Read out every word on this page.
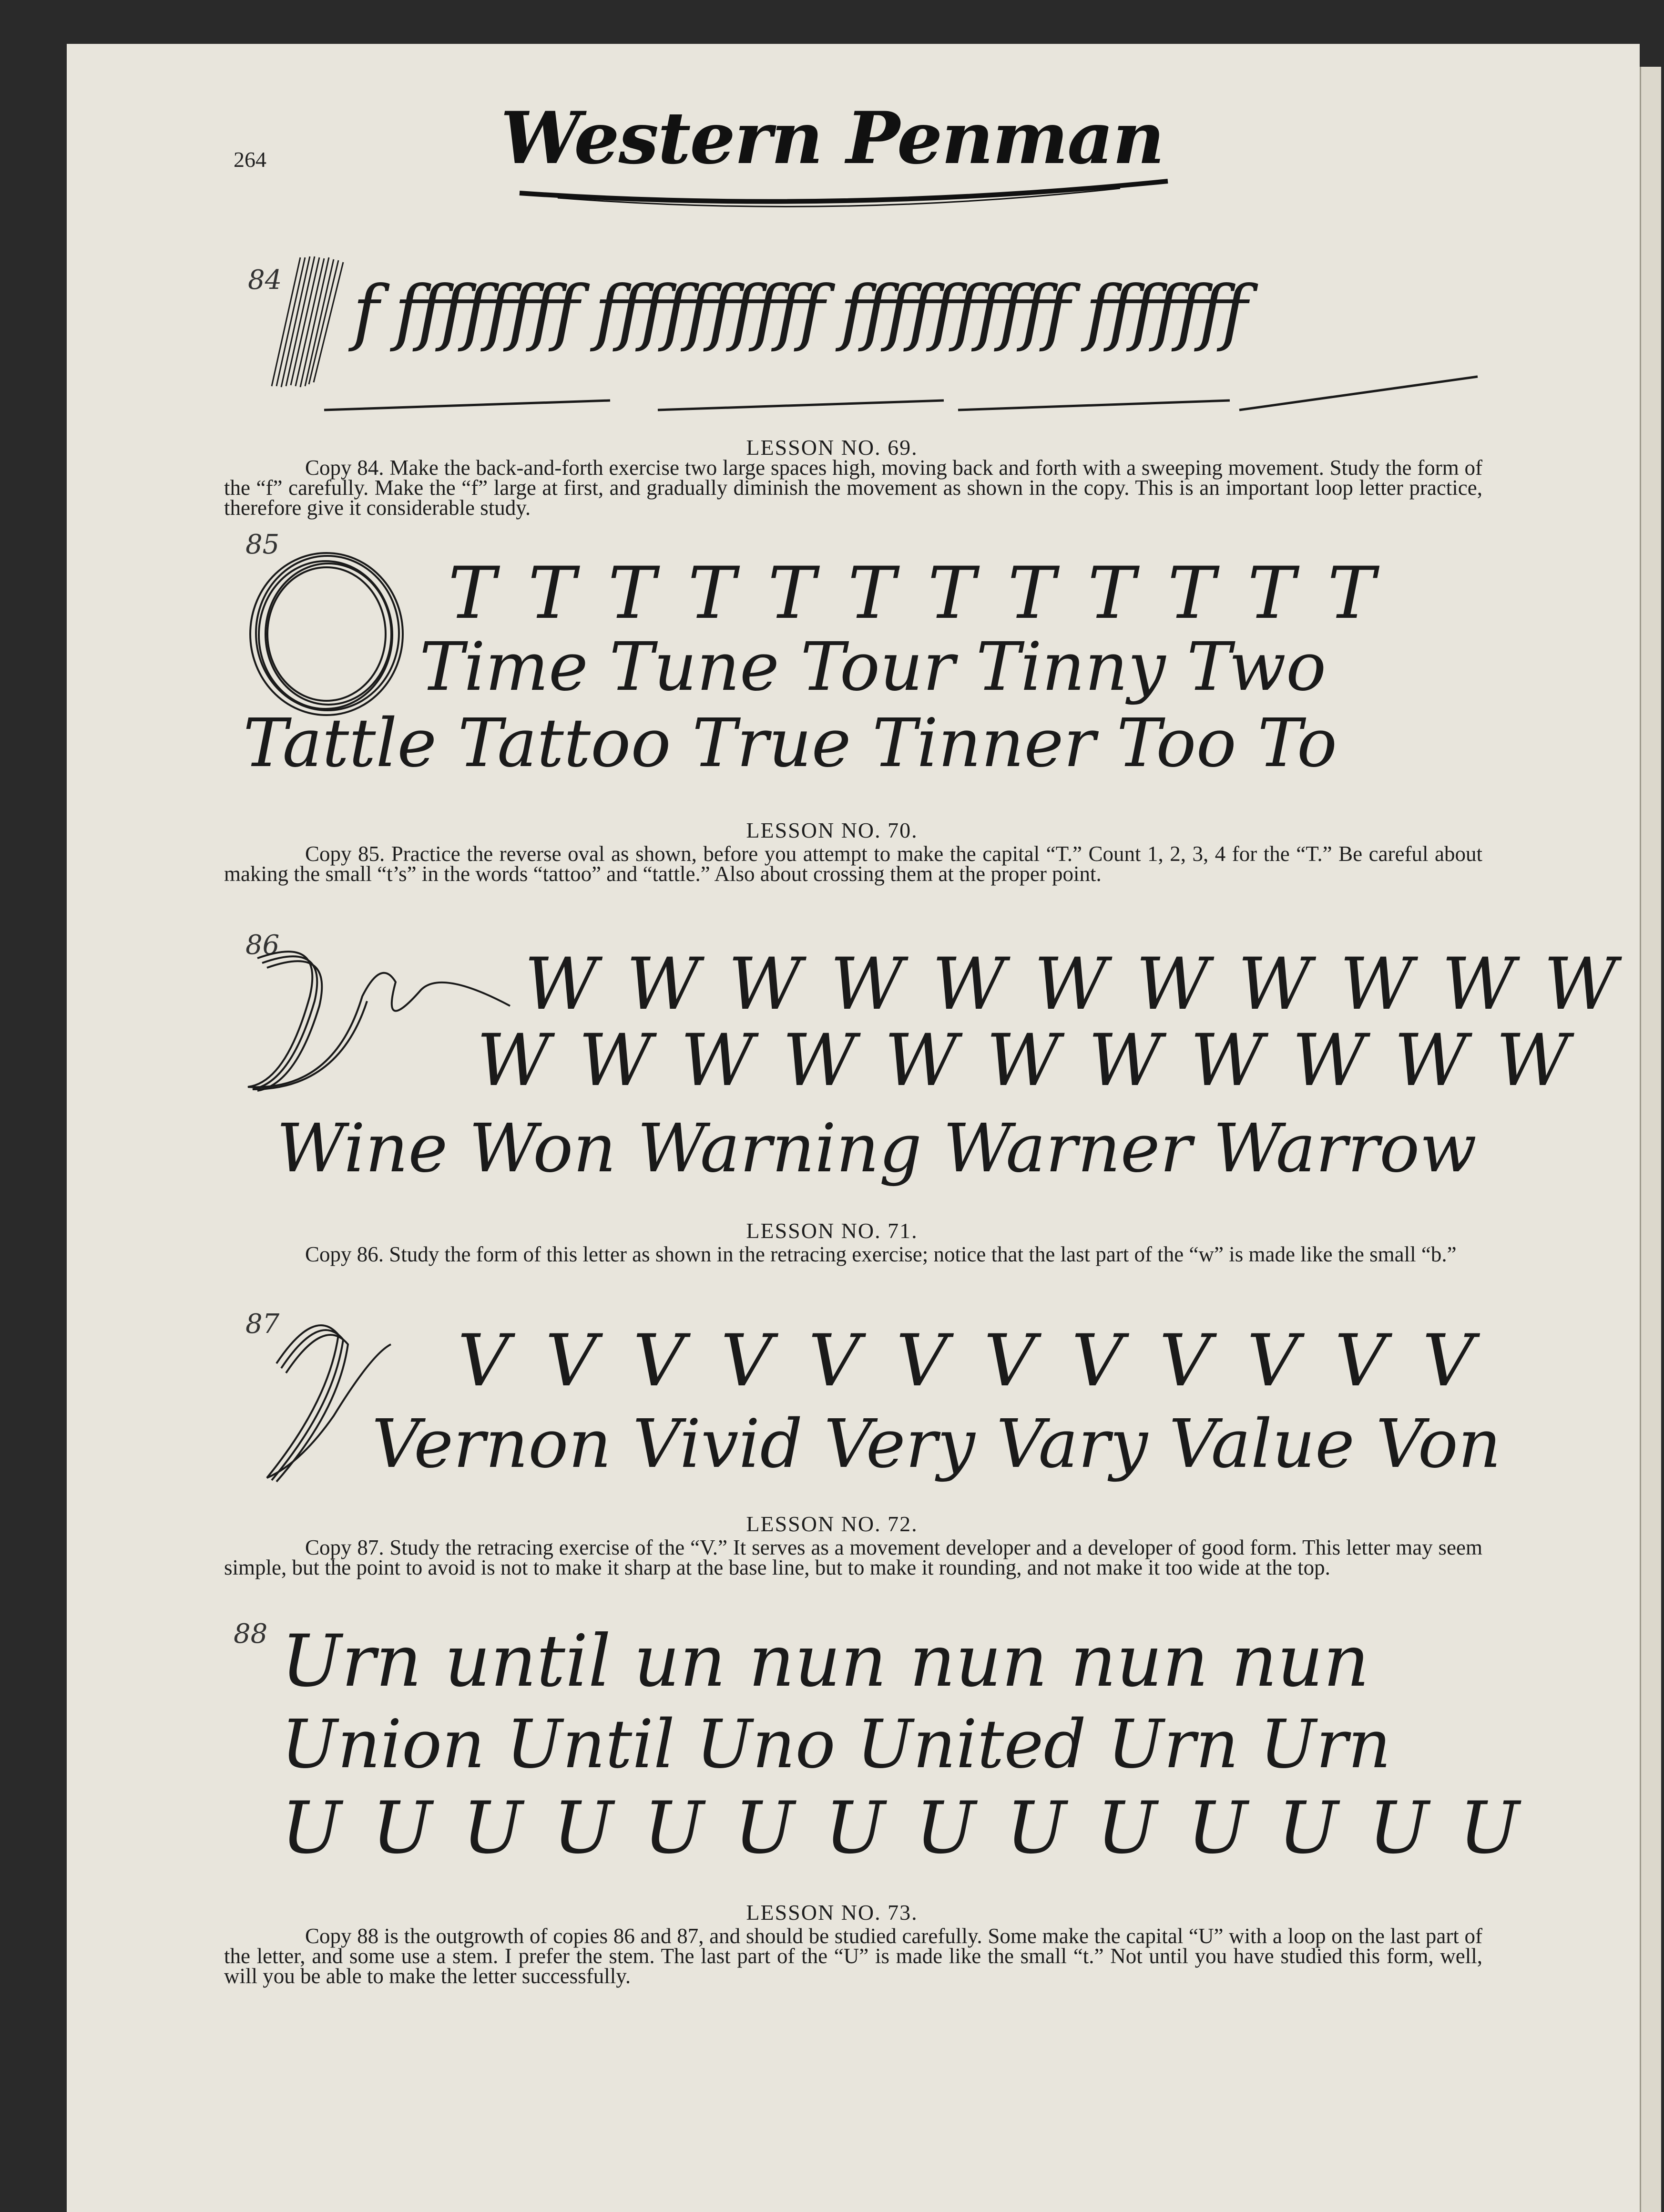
264	Western Penman
84 f ffffffff ffffffffff ffffffffff fffffff
LESSON NO. 69.

Copy 84. Make the back-and-forth exercise two large spaces high, moving back and forth with a sweeping movement. Study the form of the “f” carefully. Make the “f” large at first, and gradually diminish the movement as shown in the copy. This is an important loop letter practice, therefore give it considerable study.

85
T T T T T T T T T T T T
Time Tune Tour Tinny Two
Tattle Tattoo True Tinner Too To
LESSON NO. 70.

Copy 85. Practice the reverse oval as shown, before you attempt to make the capital “T.” Count 1, 2, 3, 4 for the “T.” Be careful about making the small “t’s” in the words “tattoo” and “tattle.” Also about crossing them at the proper point.

86	W W W W W W W W W W W
W W W W W W W W W W W
Wine Won Warning Warner Warrow
LESSON NO. 71.

Copy 86. Study the form of this letter as shown in the retracing exercise; notice that the last part of the “w” is made like the small “b.”

87 V V V V V V V V V V V V
Vernon Vivid Very Vary Value Von
LESSON NO. 72.

Copy 87. Study the retracing exercise of the “V.” It serves as a movement developer and a developer of good form. This letter may seem simple, but the point to avoid is not to make it sharp at the base line, but to make it rounding, and not make it too wide at the top.

88 Urn until un nun nun nun nun
Union Until Uno United Urn Urn
U U U U U U U U U U U U U U
LESSON NO. 73.

Copy 88 is the outgrowth of copies 86 and 87, and should be studied carefully. Some make the capital “U” with a loop on the last part of the letter, and some use a stem. I prefer the stem. The last part of the “U” is made like the small “t.” Not until you have studied this form, well, will you be able to make the letter successfully.
